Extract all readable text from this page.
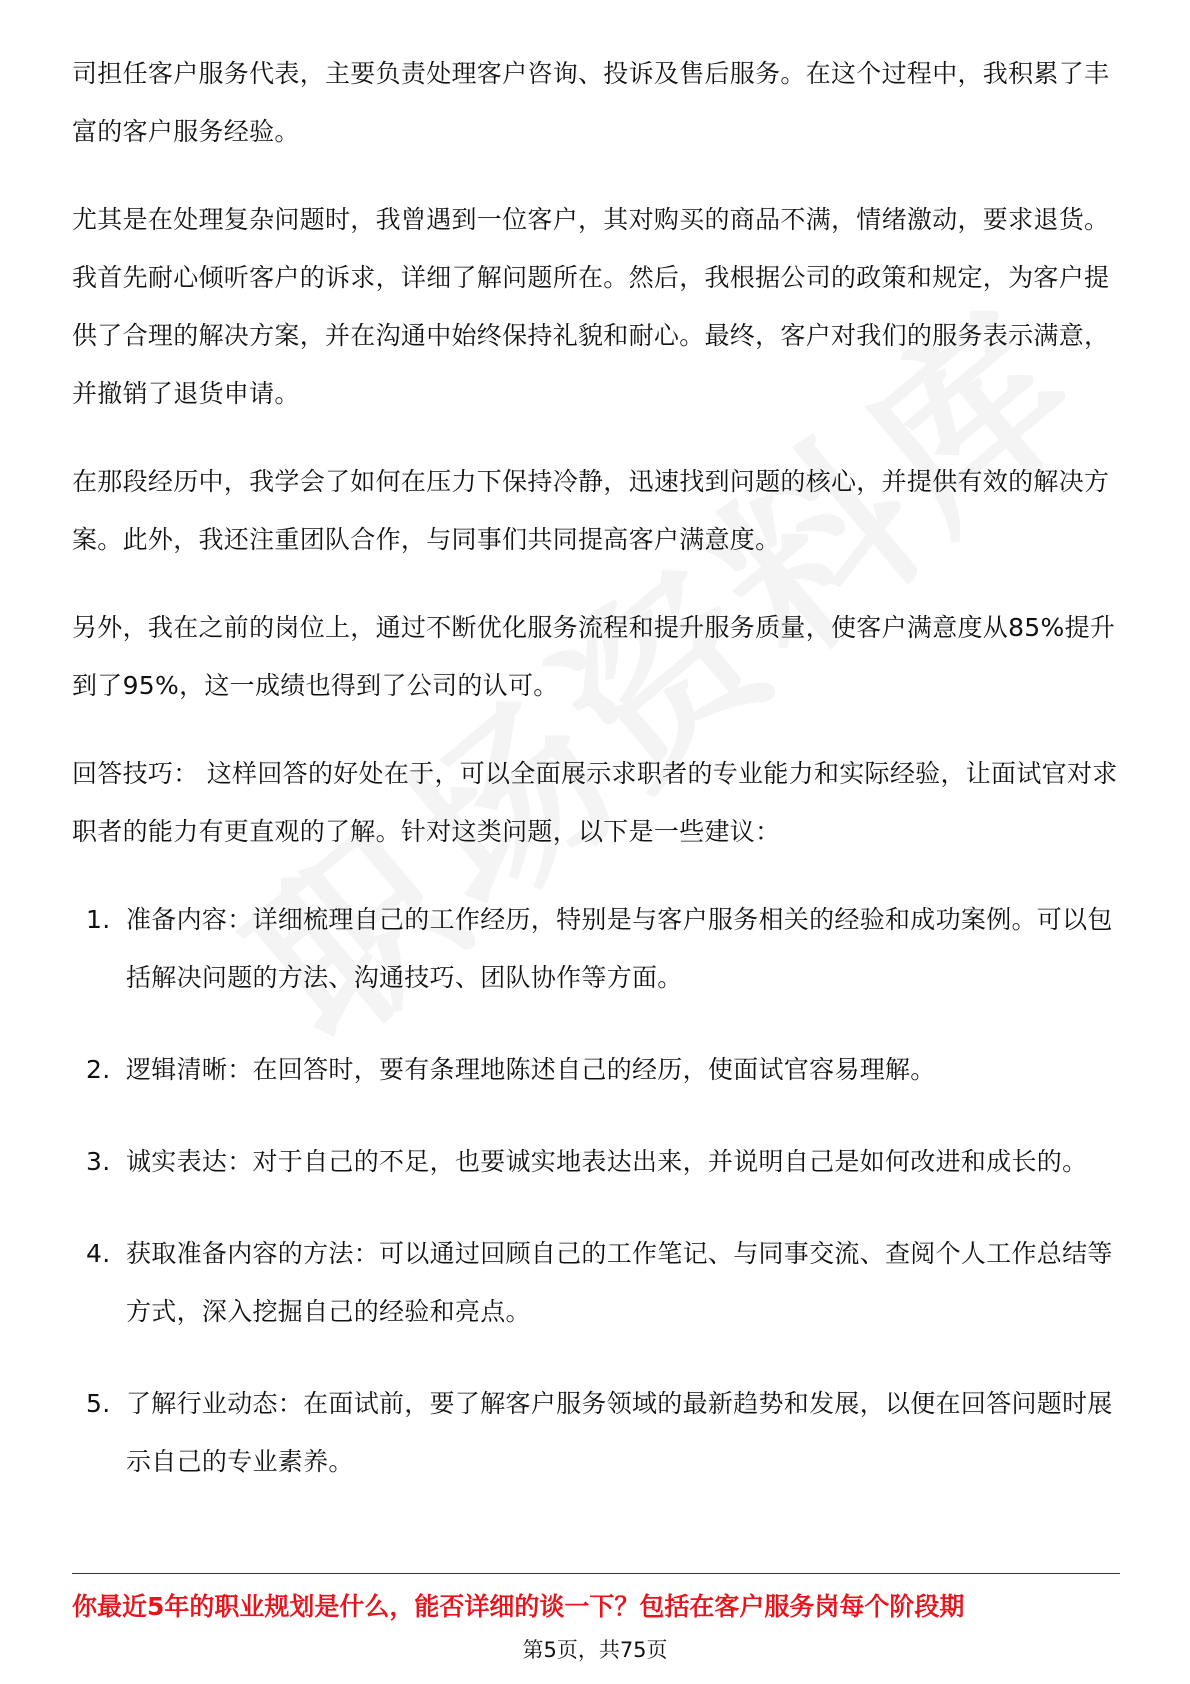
司担任客户服务代表，主要负责处理客户咨询、投诉及售后服务。在这个过程中，我积累了丰富的客户服务经验。

尤其是在处理复杂问题时，我曾遇到一位客户，其对购买的商品不满，情绪激动，要求退货。我首先耐心倾听客户的诉求，详细了解问题所在。然后，我根据公司的政策和规定，为客户提供了合理的解决方案，并在沟通中始终保持礼貌和耐心。最终，客户对我们的服务表示满意，并撤销了退货申请。

在那段经历中，我学会了如何在压力下保持冷静，迅速找到问题的核心，并提供有效的解决方案。此外，我还注重团队合作，与同事们共同提高客户满意度。

另外，我在之前的岗位上，通过不断优化服务流程和提升服务质量，使客户满意度从85%提升到了95%，这一成绩也得到了公司的认可。

回答技巧： 这样回答的好处在于，可以全面展示求职者的专业能力和实际经验，让面试官对求职者的能力有更直观的了解。针对这类问题，以下是一些建议：

1. 准备内容：详细梳理自己的工作经历，特别是与客户服务相关的经验和成功案例。可以包括解决问题的方法、沟通技巧、团队协作等方面。
2. 逻辑清晰：在回答时，要有条理地陈述自己的经历，使面试官容易理解。
3. 诚实表达：对于自己的不足，也要诚实地表达出来，并说明自己是如何改进和成长的。
4. 获取准备内容的方法：可以通过回顾自己的工作笔记、与同事交流、查阅个人工作总结等方式，深入挖掘自己的经验和亮点。
5. 了解行业动态：在面试前，要了解客户服务领域的最新趋势和发展，以便在回答问题时展示自己的专业素养。
你最近5年的职业规划是什么，能否详细的谈一下？包括在客户服务岗每个阶段期
第5页，共75页
